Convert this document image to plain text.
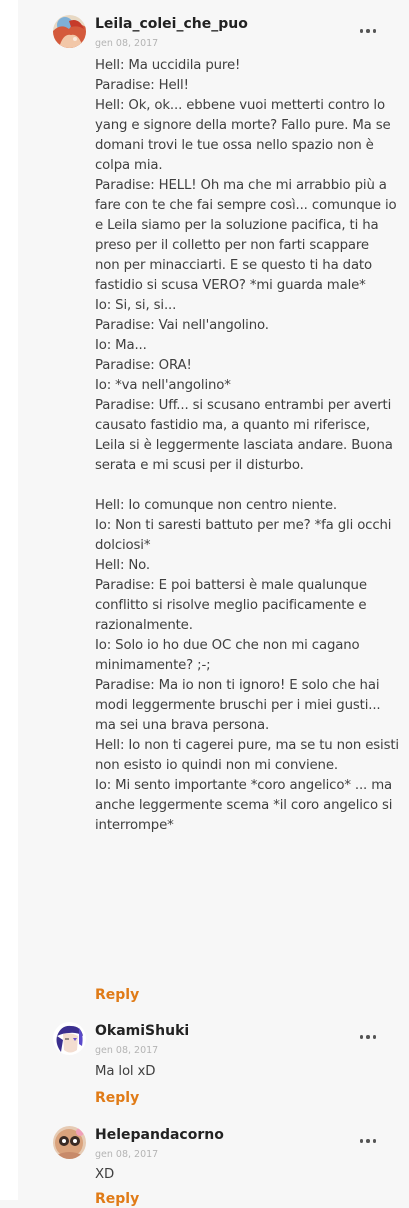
Leila_colei_che_puo
gen 08, 2017
Hell: Ma uccidila pure!
Paradise: Hell!
Hell: Ok, ok... ebbene vuoi metterti contro lo
yang e signore della morte? Fallo pure. Ma se
domani trovi le tue ossa nello spazio non è
colpa mia.
Paradise: HELL! Oh ma che mi arrabbio più a
fare con te che fai sempre così... comunque io
e Leila siamo per la soluzione pacifica, ti ha
preso per il colletto per non farti scappare
non per minacciarti. E se questo ti ha dato
fastidio si scusa VERO? *mi guarda male*
Io: Si, si, si...
Paradise: Vai nell'angolino.
Io: Ma...
Paradise: ORA!
Io: *va nell'angolino*
Paradise: Uff... si scusano entrambi per averti
causato fastidio ma, a quanto mi riferisce,
Leila si è leggermente lasciata andare. Buona
serata e mi scusi per il disturbo.
Hell: Io comunque non centro niente.
Io: Non ti saresti battuto per me? *fa gli occhi
dolciosi*
Hell: No.
Paradise: E poi battersi è male qualunque
conflitto si risolve meglio pacificamente e
razionalmente.
Io: Solo io ho due OC che non mi cagano
minimamente? ;-;
Paradise: Ma io non ti ignoro! E solo che hai
modi leggermente bruschi per i miei gusti...
ma sei una brava persona.
Hell: Io non ti cagerei pure, ma se tu non esisti
non esisto io quindi non mi conviene.
Io: Mi sento importante *coro angelico* ... ma
anche leggermente scema *il coro angelico si
interrompe*
Reply
OkamiShuki
gen 08, 2017
Ma lol xD
Reply
Helepandacorno
gen 08, 2017
XD
Reply
